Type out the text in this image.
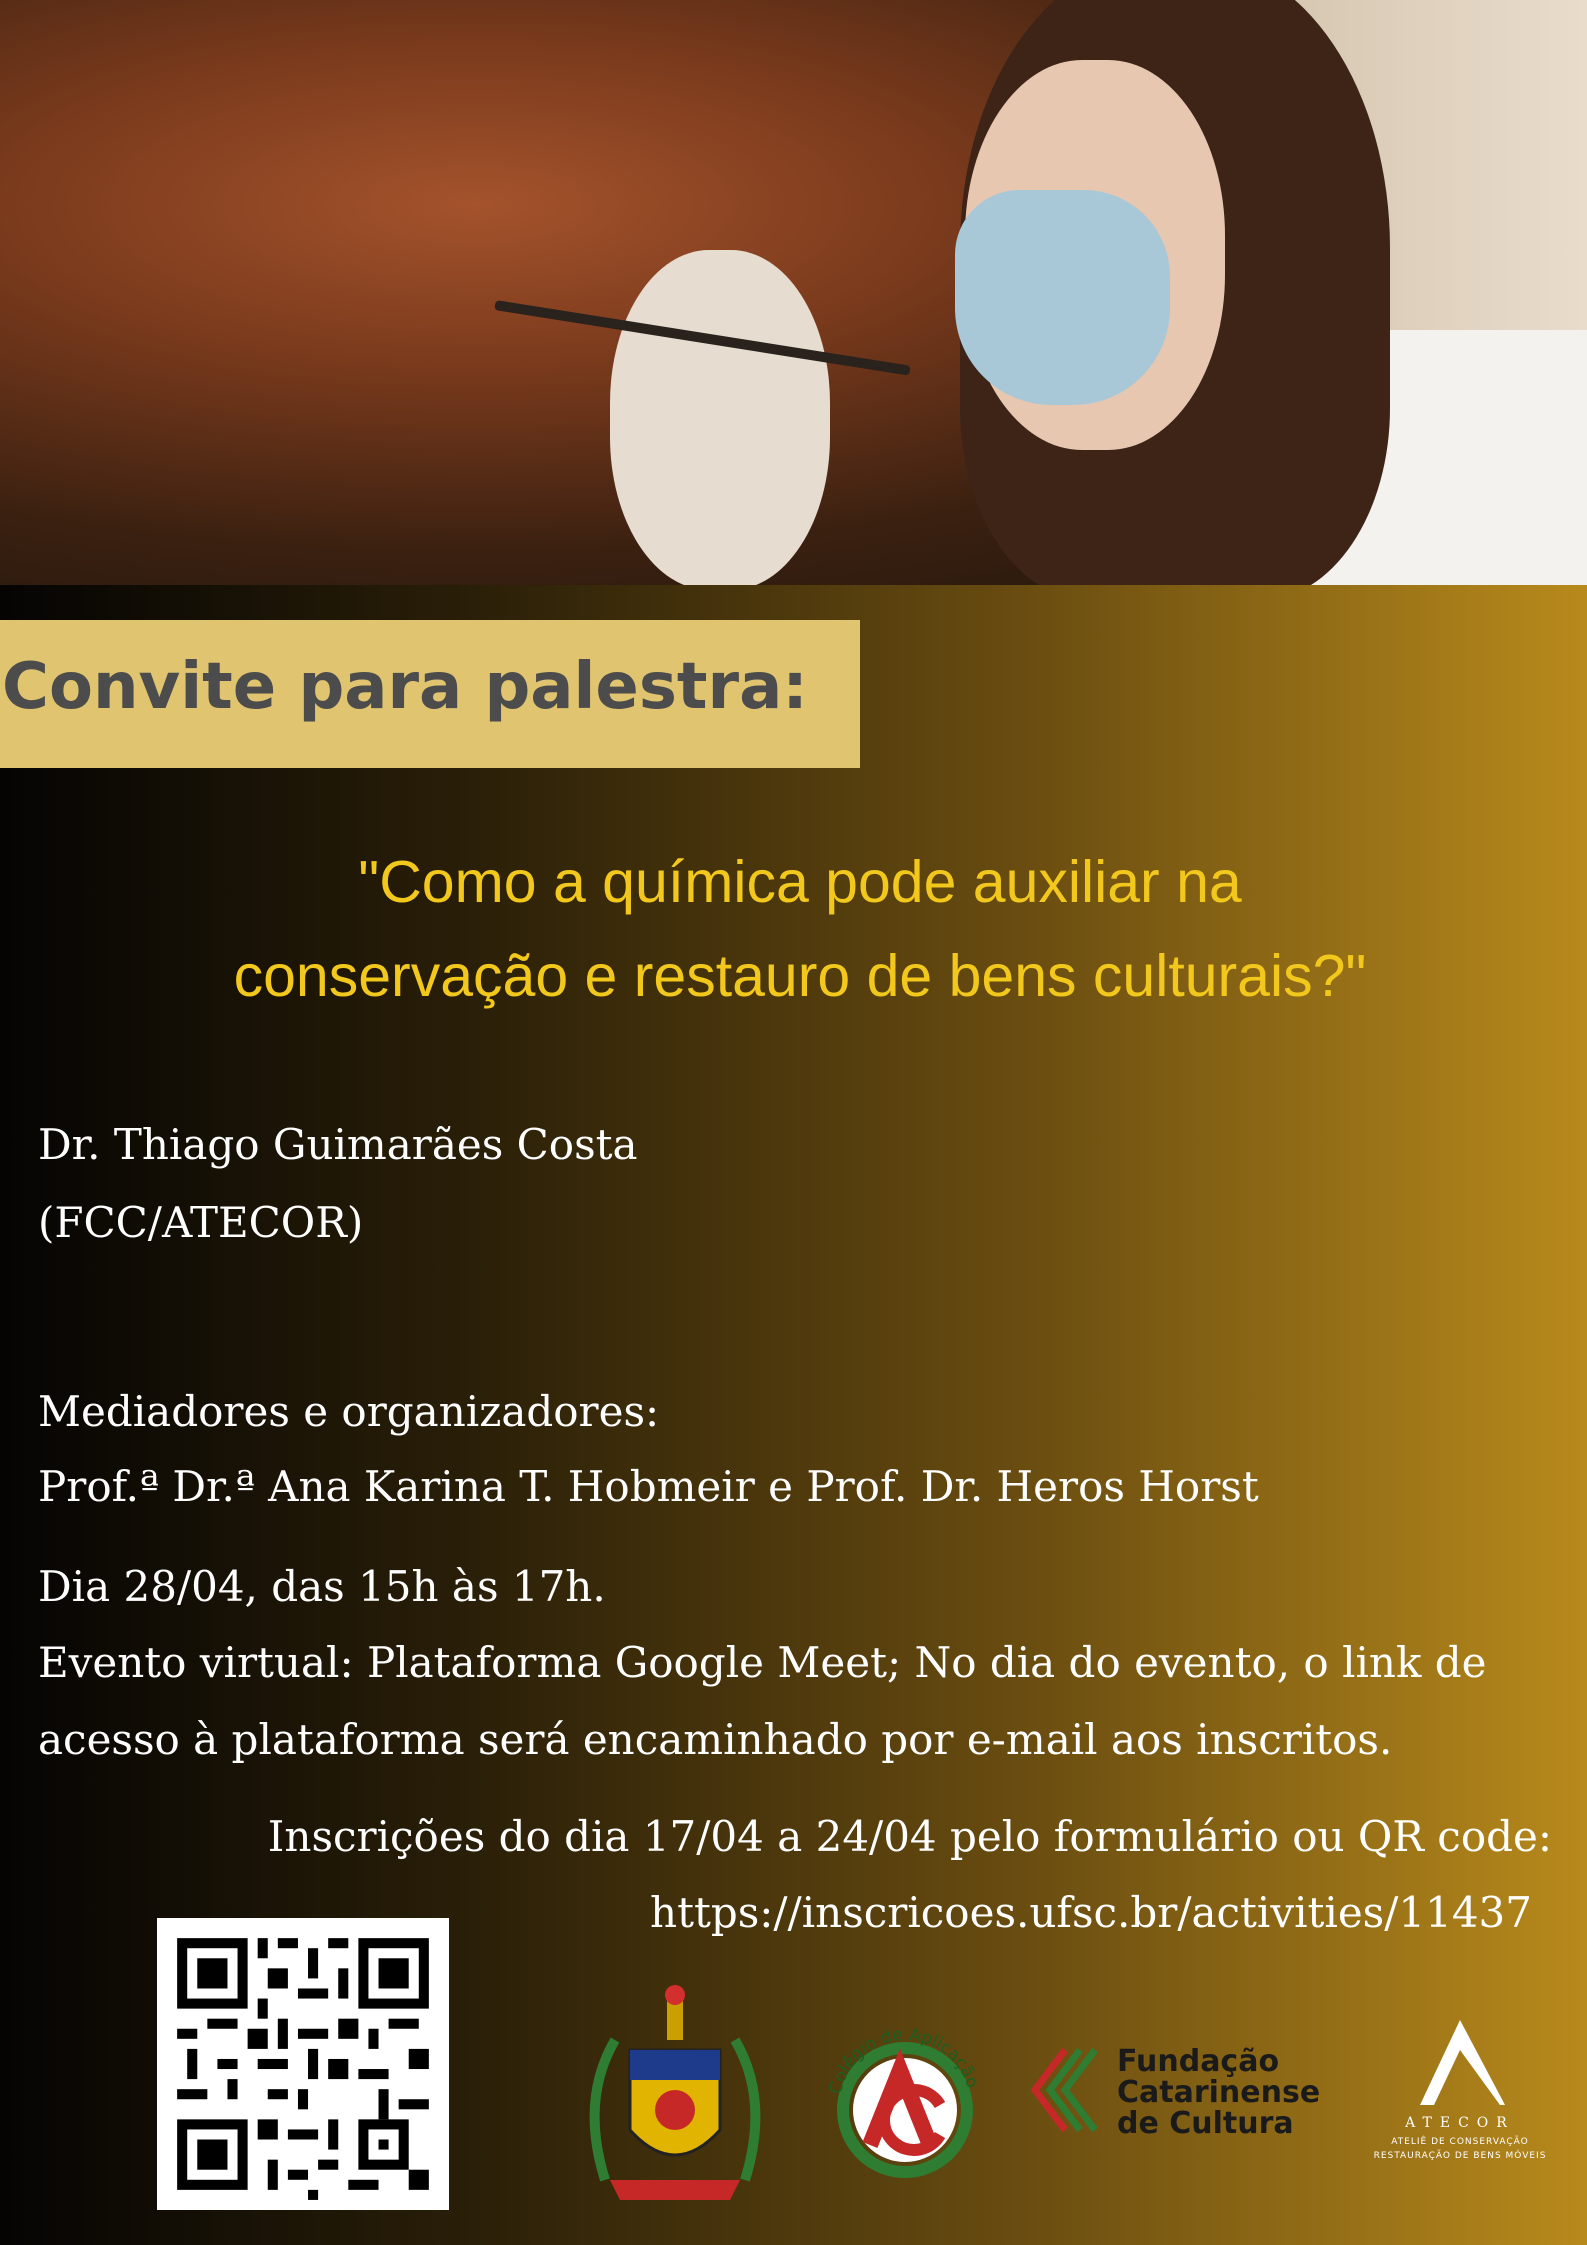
Convite para palestra:
"Como a química pode auxiliar na
conservação e restauro de bens culturais?"
Dr. Thiago Guimarães Costa
(FCC/ATECOR)
Mediadores e organizadores:
Prof.ª Dr.ª Ana Karina T. Hobmeir e Prof. Dr. Heros Horst
Dia 28/04, das 15h às 17h.
Evento virtual: Plataforma Google Meet; No dia do evento, o link de
acesso à plataforma será encaminhado por e-mail aos inscritos.
Inscrições do dia 17/04 a 24/04 pelo formulário ou QR code:
https://inscricoes.ufsc.br/activities/11437
Colégio de Aplicação
Fundação
Catarinense
de Cultura	ATECOR
ATELIÊ DE CONSERVAÇÃO
RESTAURAÇÃO DE BENS MÓVEIS
